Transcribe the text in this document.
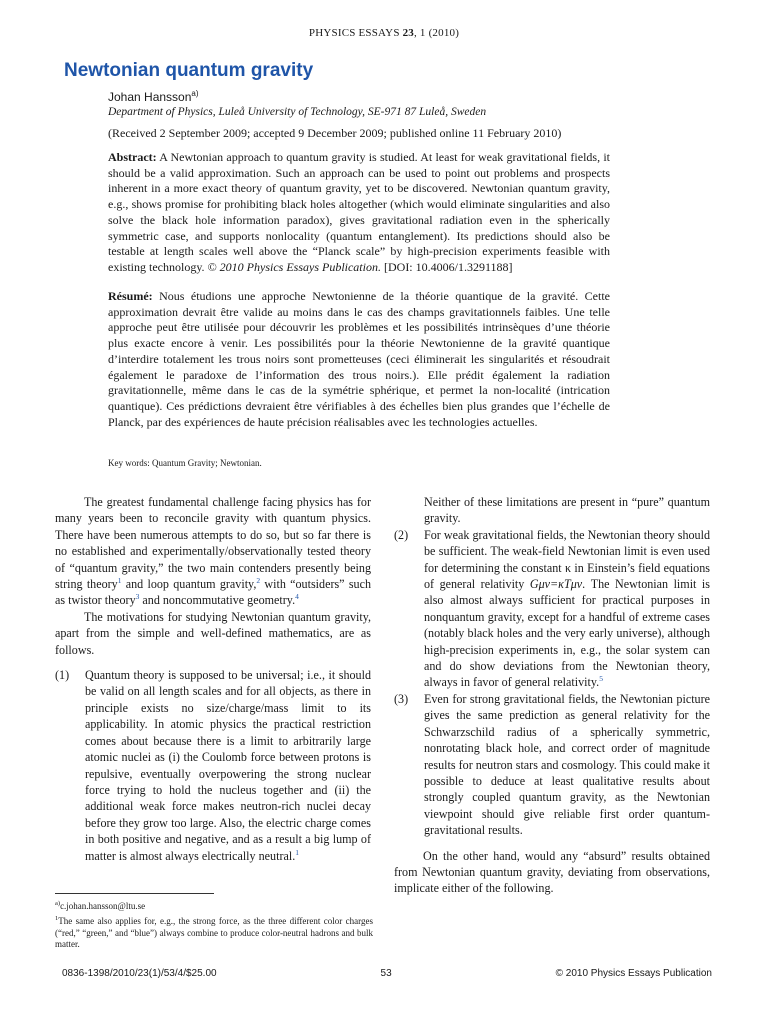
PHYSICS ESSAYS 23, 1 (2010)
Newtonian quantum gravity
Johan Hansson$^{a)}$
Department of Physics, Luleå University of Technology, SE-971 87 Luleå, Sweden
(Received 2 September 2009; accepted 9 December 2009; published online 11 February 2010)

Abstract: A Newtonian approach to quantum gravity is studied. At least for weak gravitational fields, it should be a valid approximation. Such an approach can be used to point out problems and prospects inherent in a more exact theory of quantum gravity, yet to be discovered. Newtonian quantum gravity, e.g., shows promise for prohibiting black holes altogether (which would eliminate singularities and also solve the black hole information paradox), gives gravitational radiation even in the spherically symmetric case, and supports nonlocality (quantum entanglement). Its predictions should also be testable at length scales well above the “Planck scale” by high-precision experiments feasible with existing technology. © 2010 Physics Essays Publication. [DOI: 10.4006/1.3291188]

Résumé: Nous étudions une approche Newtonienne de la théorie quantique de la gravité. Cette approximation devrait être valide au moins dans le cas des champs gravitationnels faibles. Une telle approche peut être utilisée pour découvrir les problèmes et les possibilités intrinsèques d’une théorie plus exacte encore à venir. Les possibilités pour la théorie Newtonienne de la gravité quantique d’interdire totalement les trous noirs sont prometteuses (ceci éliminerait les singularités et résoudrait également le paradoxe de l’information des trous noirs.). Elle prédit également la radiation gravitationnelle, même dans le cas de la symétrie sphérique, et permet la non-localité (intrication quantique). Ces prédictions devraient être vérifiables à des échelles bien plus grandes que l’échelle de Planck, par des expériences de haute précision réalisables avec les technologies actuelles.

Key words: Quantum Gravity; Newtonian.

The greatest fundamental challenge facing physics has for many years been to reconcile gravity with quantum physics. There have been numerous attempts to do so, but so far there is no established and experimentally/observationally tested theory of “quantum gravity,” the two main contenders presently being string theory$^1$ and loop quantum gravity,$^2$ with “outsiders” such as twistor theory$^3$ and noncommutative geometry.$^4$

The motivations for studying Newtonian quantum gravity, apart from the simple and well-defined mathematics, are as follows.

(1)	Quantum theory is supposed to be universal; i.e., it should be valid on all length scales and for all objects, as there in principle exists no size/charge/mass limit to its applicability. In atomic physics the practical restriction comes about because there is a limit to arbitrarily large atomic nuclei as (i) the Coulomb force between protons is repulsive, eventually overpowering the strong nuclear force trying to hold the nucleus together and (ii) the additional weak force makes neutron-rich nuclei decay before they grow too large. Also, the electric charge comes in both positive and negative, and as a result a big lump of matter is almost always electrically neutral.$^1$

Neither of these limitations are present in “pure” quantum gravity.

(2)	For weak gravitational fields, the Newtonian theory should be sufficient. The weak-field Newtonian limit is even used for determining the constant κ in Einstein’s field equations of general relativity Gμν=κTμν. The Newtonian limit is also almost always sufficient for practical purposes in nonquantum gravity, except for a handful of extreme cases (notably black holes and the very early universe), although high-precision experiments in, e.g., the solar system can and do show deviations from the Newtonian theory, always in favor of general relativity.$^5$
(3)	Even for strong gravitational fields, the Newtonian picture gives the same prediction as general relativity for the Schwarzschild radius of a spherically symmetric, nonrotating black hole, and correct order of magnitude results for neutron stars and cosmology. This could make it possible to deduce at least qualitative results about strongly coupled quantum gravity, as the Newtonian viewpoint should give reliable first order quantum-gravitational results.

On the other hand, would any “absurd” results obtained from Newtonian quantum gravity, deviating from observations, implicate either of the following.

$^{a)}$c.johan.hansson@ltu.se

$^1$The same also applies for, e.g., the strong force, as the three different color charges (“red,” “green,” and “blue”) always combine to produce color-neutral hadrons and bulk matter.

0836-1398/2010/23(1)/53/4/$25.00	53	© 2010 Physics Essays Publication
